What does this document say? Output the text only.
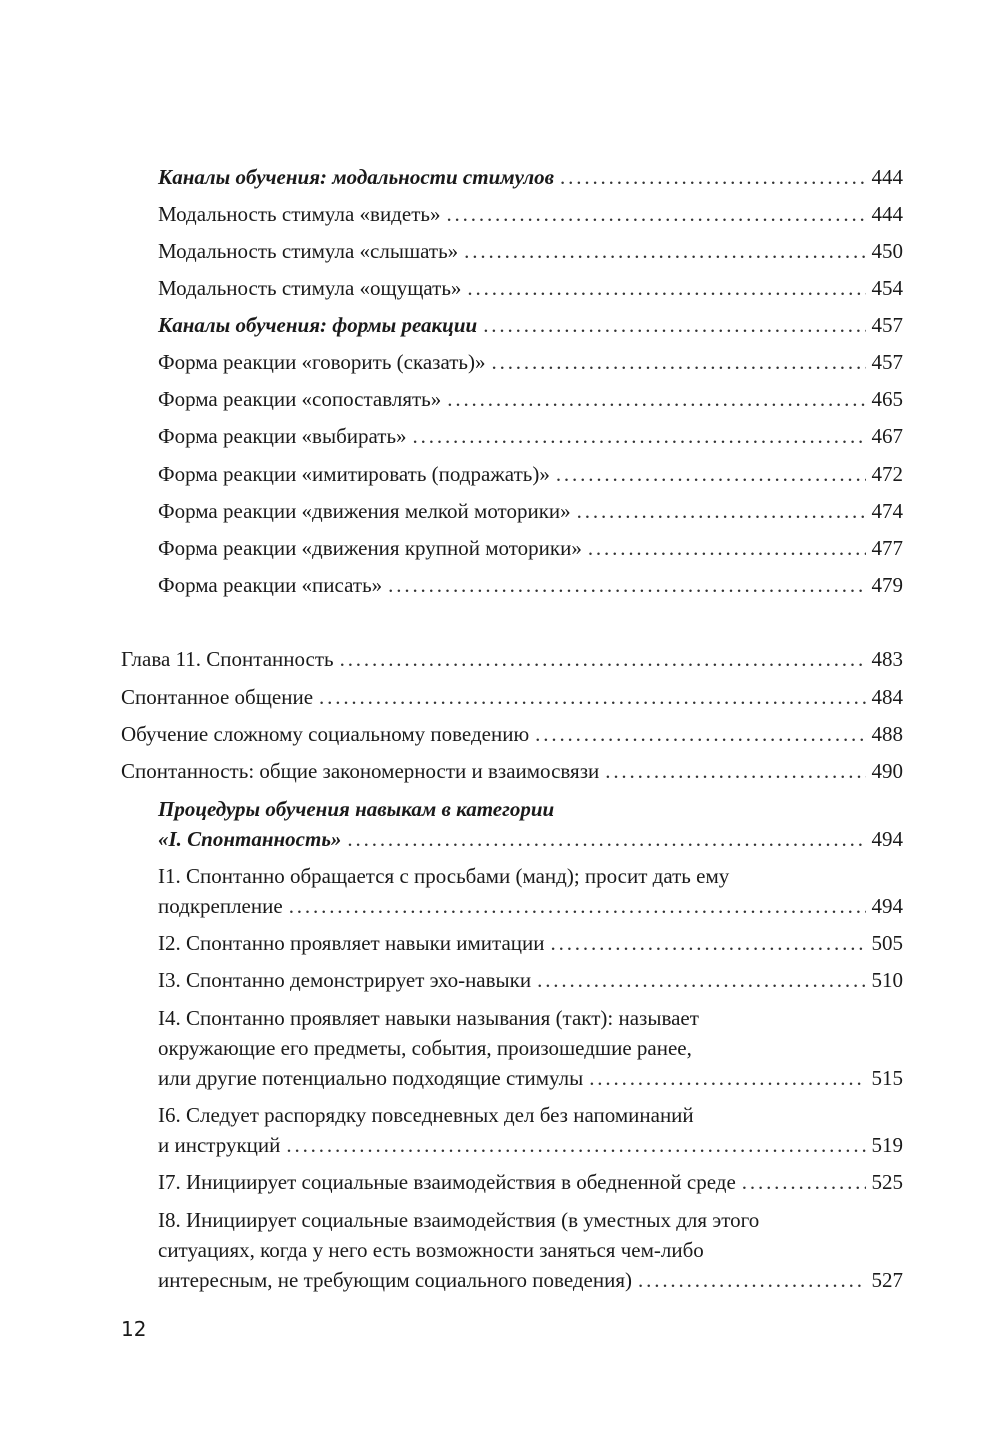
Каналы обучения: модальности стимулов . . .	444
Модальность стимула «видеть» . . .	444
Модальность стимула «слышать» . . .	450
Модальность стимула «ощущать» . . .	454
Каналы обучения: формы реакции . . .	457
Форма реакции «говорить (сказать)» . . .	457
Форма реакции «сопоставлять» . . .	465
Форма реакции «выбирать» . . .	467
Форма реакции «имитировать (подражать)» . . .	472
Форма реакции «движения мелкой моторики» . . .	474
Форма реакции «движения крупной моторики» . . .	477
Форма реакции «писать» . . .	479
Глава 11. Спонтанность . . .	483
Спонтанное общение . . .	484
Обучение сложному социальному поведению . . .	488
Спонтанность: общие закономерности и взаимосвязи . . .	490
Процедуры обучения навыкам в категории
«I. Спонтанность» . . .	494
I1. Спонтанно обращается с просьбами (манд); просит дать ему
подкрепление . . .	494
I2. Спонтанно проявляет навыки имитации . . .	505
I3. Спонтанно демонстрирует эхо-навыки . . .	510
I4. Спонтанно проявляет навыки называния (такт): называет
окружающие его предметы, события, произошедшие ранее,
или другие потенциально подходящие стимулы . . .	515
I6. Следует распорядку повседневных дел без напоминаний
и инструкций . . .	519
I7. Инициирует социальные взаимодействия в обедненной среде . . .	525
I8. Инициирует социальные взаимодействия (в уместных для этого
ситуациях, когда у него есть возможности заняться чем-либо
интересным, не требующим социального поведения) . . .	527
12
